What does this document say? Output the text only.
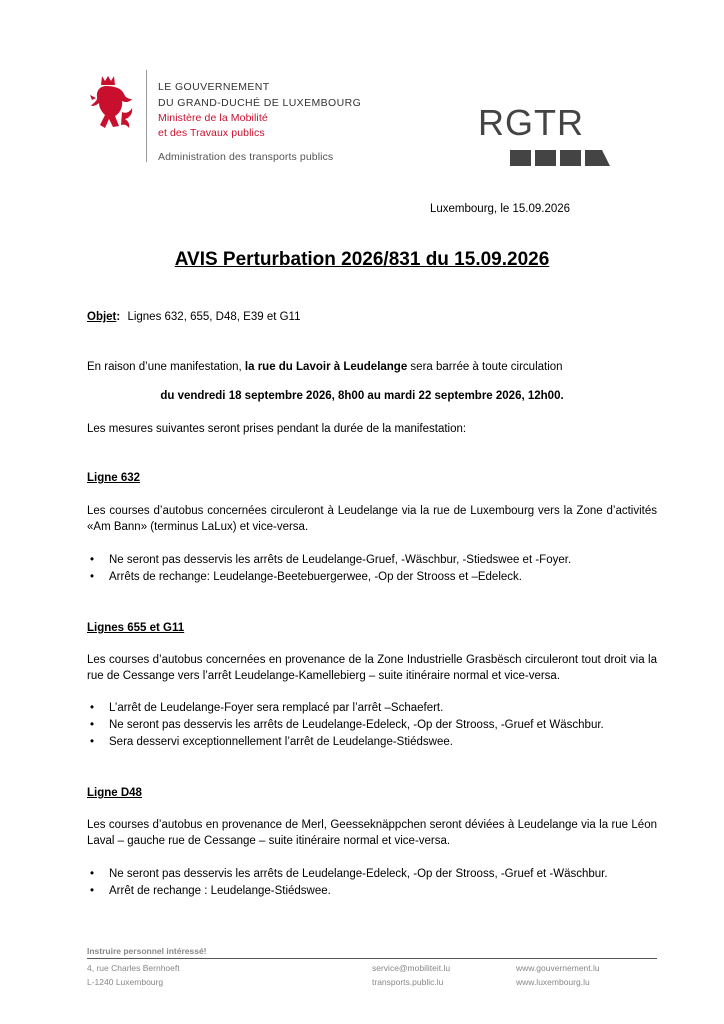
LE GOUVERNEMENT
DU GRAND-DUCHÉ DE LUXEMBOURG
Ministère de la Mobilité
et des Travaux publics
Administration des transports publics
RGTR
Luxembourg, le 15.09.2026
AVIS Perturbation 2026/831 du 15.09.2026
Objet: Lignes 632, 655, D48, E39 et G11
En raison d’une manifestation, la rue du Lavoir à Leudelange sera barrée à toute circulation
du vendredi 18 septembre 2026, 8h00 au mardi 22 septembre 2026, 12h00.
Les mesures suivantes seront prises pendant la durée de la manifestation:
Ligne 632
Les courses d’autobus concernées circuleront à Leudelange via la rue de Luxembourg vers la Zone d’activités «Am Bann» (terminus LaLux) et vice-versa.
• Ne seront pas desservis les arrêts de Leudelange-Gruef, -Wäschbur, -Stiedswee et -Foyer.
• Arrêts de rechange: Leudelange-Beetebuergerwee, -Op der Strooss et –Edeleck.
Lignes 655 et G11
Les courses d’autobus concernées en provenance de la Zone Industrielle Grasbësch circuleront tout droit via la rue de Cessange vers l’arrêt Leudelange-Kamellebierg – suite itinéraire normal et vice-versa.
• L’arrêt de Leudelange-Foyer sera remplacé par l’arrêt –Schaefert.
• Ne seront pas desservis les arrêts de Leudelange-Edeleck, -Op der Strooss, -Gruef et Wäschbur.
• Sera desservi exceptionnellement l’arrêt de Leudelange-Stiédswee.
Ligne D48
Les courses d’autobus en provenance de Merl, Geesseknäppchen seront déviées à Leudelange via la rue Léon Laval – gauche rue de Cessange – suite itinéraire normal et vice-versa.
• Ne seront pas desservis les arrêts de Leudelange-Edeleck, -Op der Strooss, -Gruef et -Wäschbur.
• Arrêt de rechange : Leudelange-Stiédswee.
Instruire personnel intéressé!
4, rue Charles Bernhoeft
L-1240 Luxembourg
service@mobiliteit.lu
transports.public.lu
www.gouvernement.lu
www.luxembourg.lu
